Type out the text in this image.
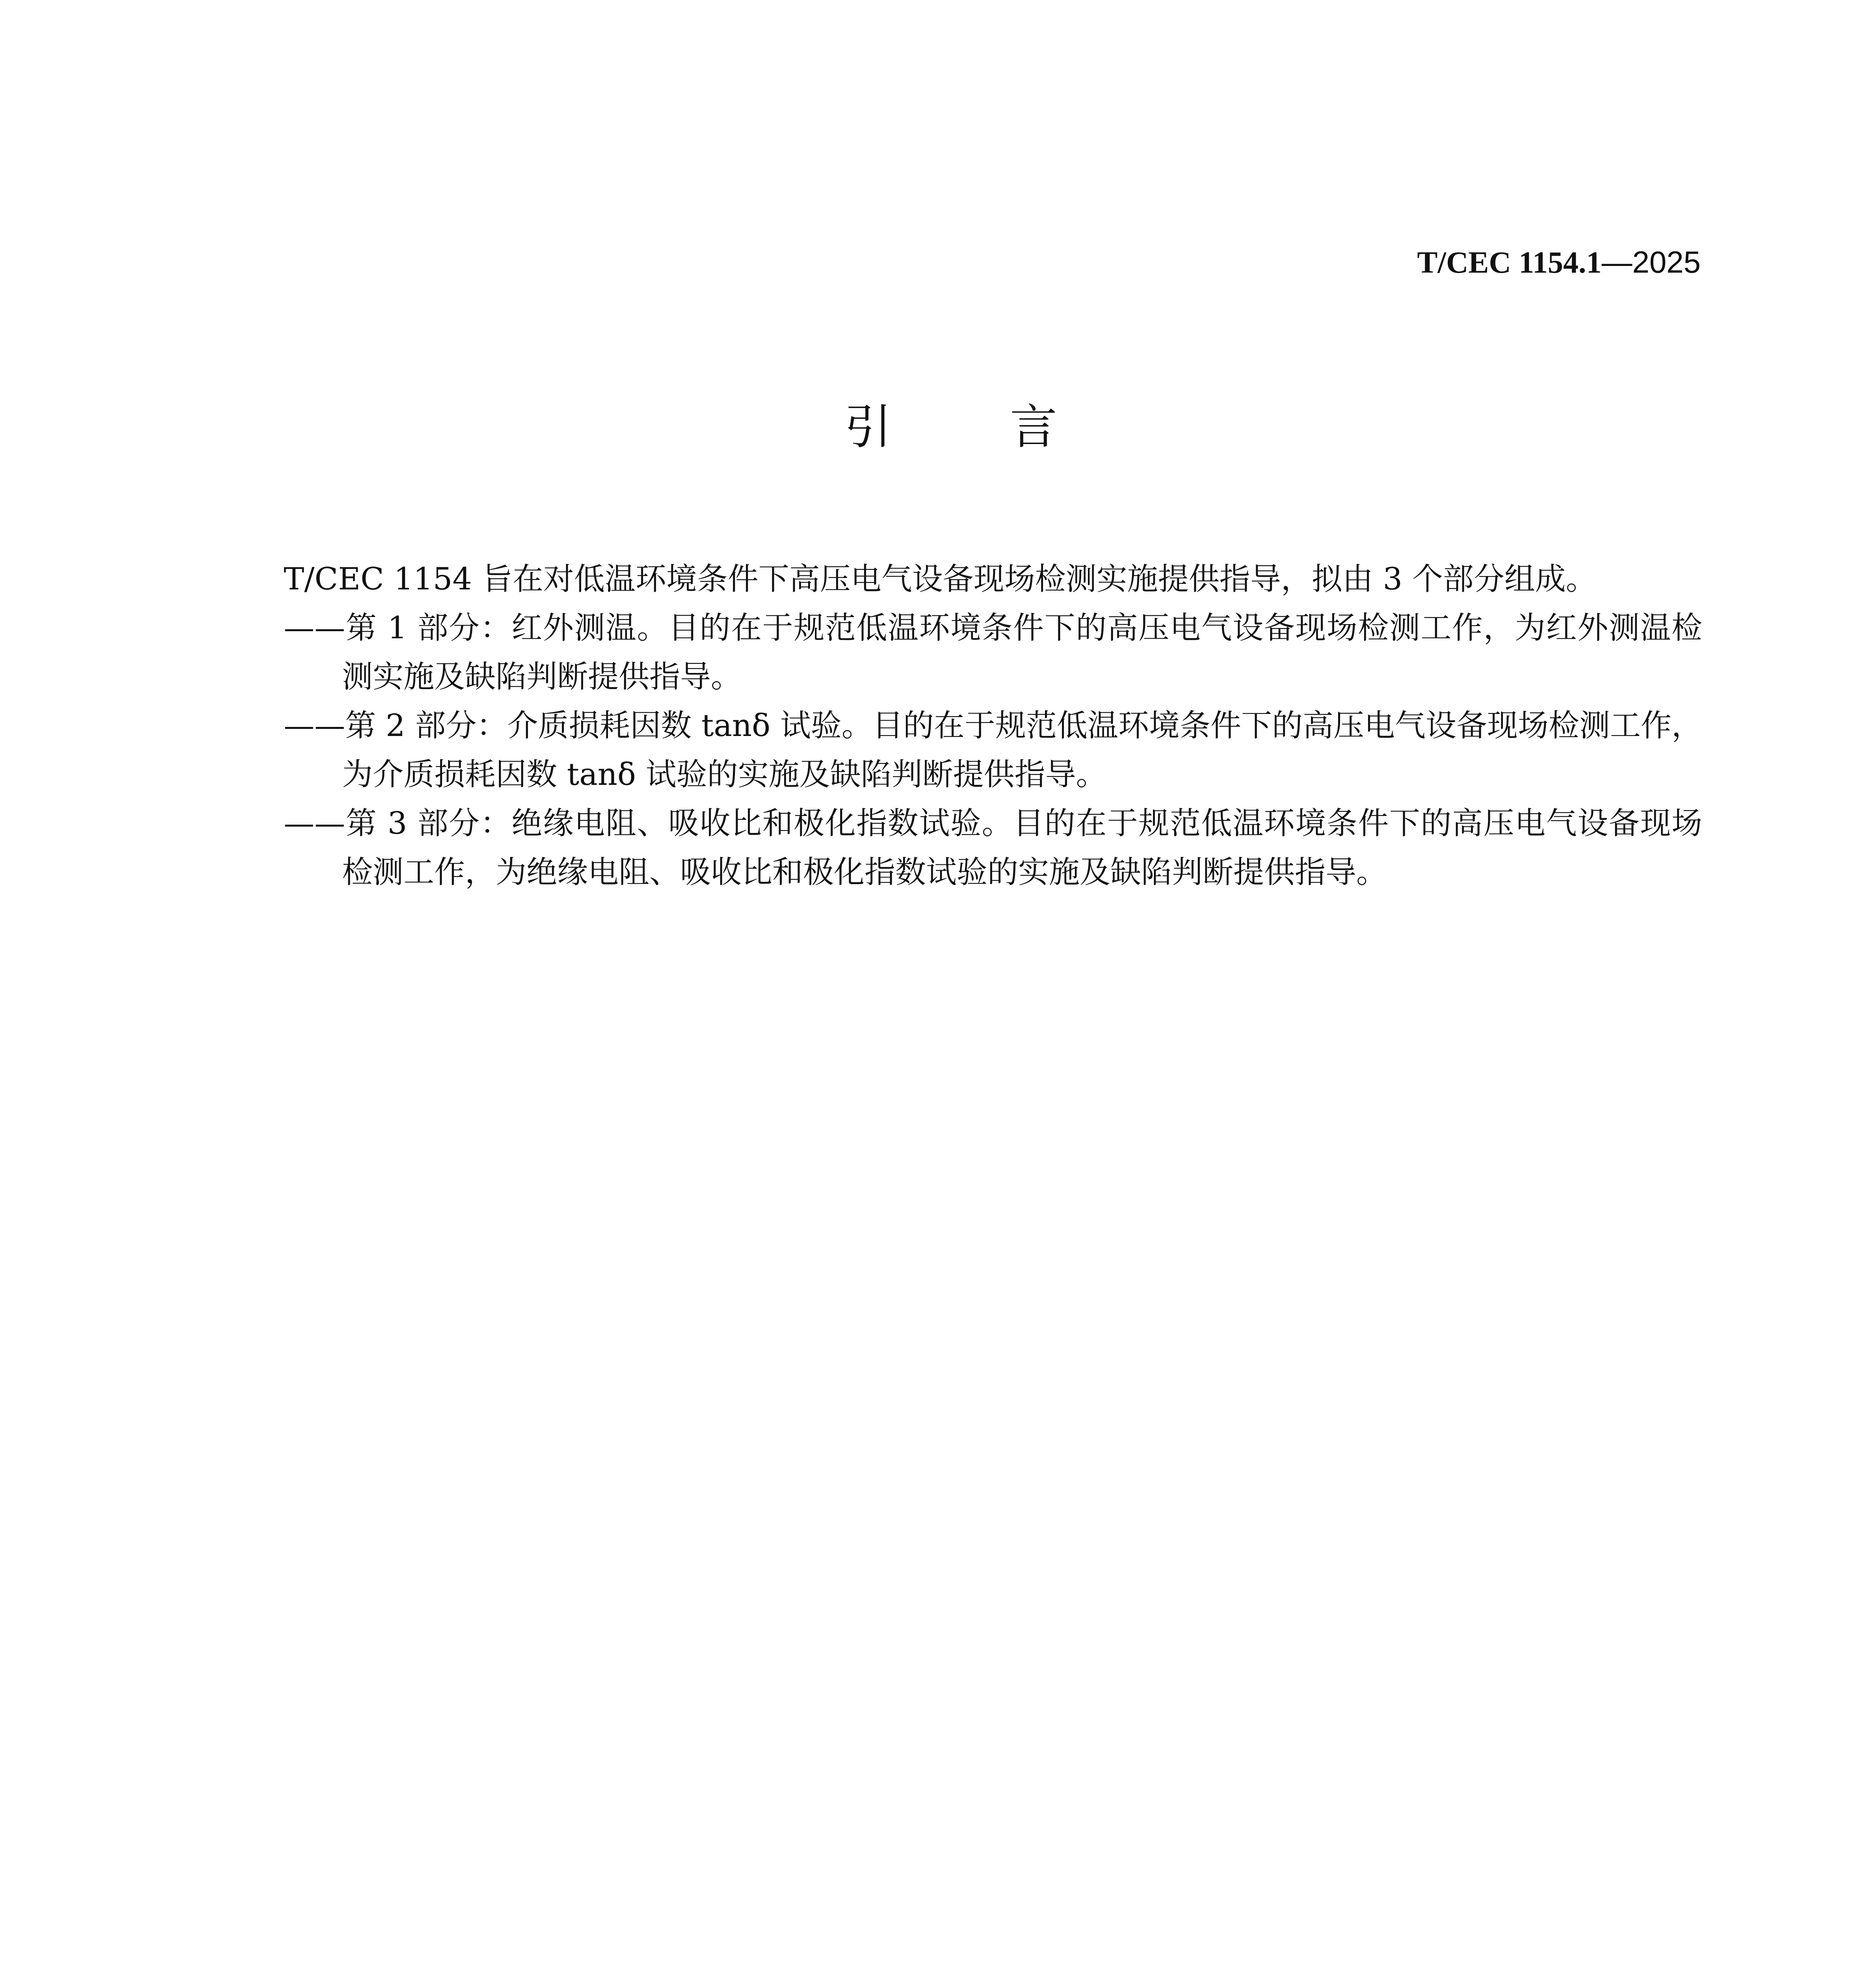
T/CEC 1154.1—2025
引	言

T/CEC 1154 旨在对低温环境条件下高压电气设备现场检测实施提供指导，拟由 3 个部分组成。

——第 1 部分：红外测温。目的在于规范低温环境条件下的高压电气设备现场检测工作，为红外测温检测实施及缺陷判断提供指导。

——第 2 部分：介质损耗因数 tanδ 试验。目的在于规范低温环境条件下的高压电气设备现场检测工作，为介质损耗因数 tanδ 试验的实施及缺陷判断提供指导。

——第 3 部分：绝缘电阻、吸收比和极化指数试验。目的在于规范低温环境条件下的高压电气设备现场检测工作，为绝缘电阻、吸收比和极化指数试验的实施及缺陷判断提供指导。
